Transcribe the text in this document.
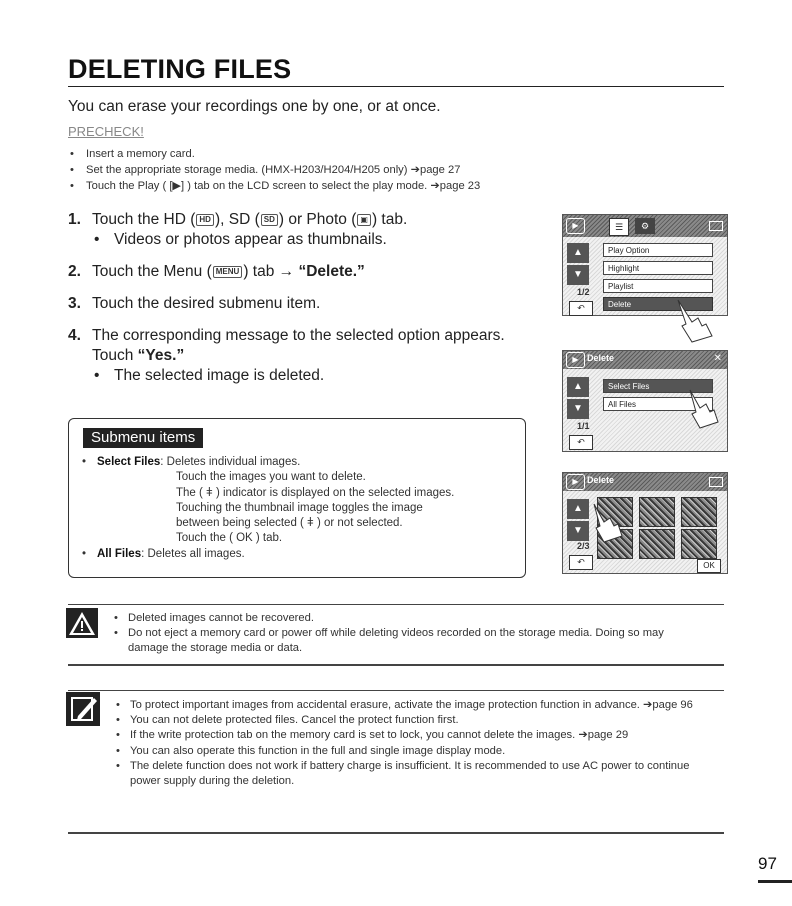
DELETING FILES
You can erase your recordings one by one, or at once.
PRECHECK!
• Insert a memory card.
• Set the appropriate storage media. (HMX-H203/H204/H205 only) ➔page 27
• Touch the Play ( [▶] ) tab on the LCD screen to select the play mode. ➔page 23
1. Touch the HD ( HD ), SD ( SD ) or Photo ( ▣ ) tab.
• Videos or photos appear as thumbnails.
2. Touch the Menu ( MENU ) tab → “Delete.”
3. Touch the desired submenu item.
4. The corresponding message to the selected option appears.
Touch “Yes.”
• The selected image is deleted.
Submenu items
• Select Files: Deletes individual images.
Touch the images you want to delete.
The ( ǂ ) indicator is displayed on the selected images.
Touching the thumbnail image toggles the image
between being selected ( ǂ ) or not selected.
Touch the ( OK ) tab.
• All Files: Deletes all images.
▶	☰	⚙
▲
▼
1/2
↶
Play Option
Highlight
Playlist
Delete
▶ Delete	✕
▲
▼
1/1
↶
Select Files
All Files
▶ Delete
▲
▼
2/3
↶	OK
• Deleted images cannot be recovered.
• Do not eject a memory card or power off while deleting videos recorded on the storage media. Doing so may damage the storage media or data.
• To protect important images from accidental erasure, activate the image protection function in advance. ➔page 96
• You can not delete protected files. Cancel the protect function first.
• If the write protection tab on the memory card is set to lock, you cannot delete the images. ➔page 29
• You can also operate this function in the full and single image display mode.
• The delete function does not work if battery charge is insufficient. It is recommended to use AC power to continue power supply during the deletion.
97
